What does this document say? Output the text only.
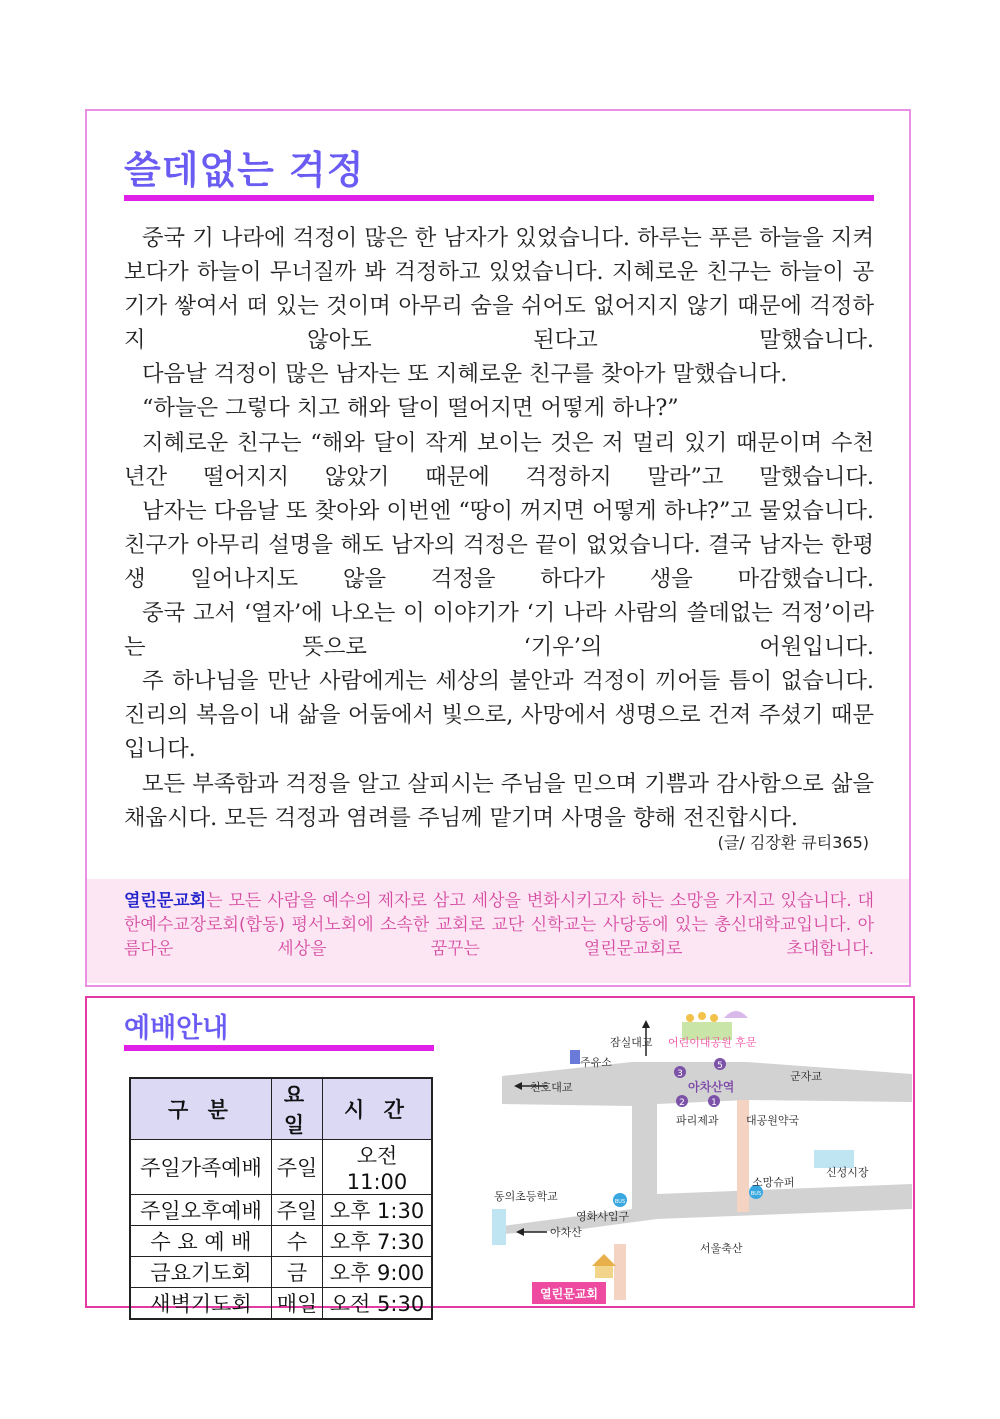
쓸데없는 걱정

중국 기 나라에 걱정이 많은 한 남자가 있었습니다. 하루는 푸른 하늘을 지켜보다가 하늘이 무너질까 봐 걱정하고 있었습니다. 지혜로운 친구는 하늘이 공기가 쌓여서 떠 있는 것이며 아무리 숨을 쉬어도 없어지지 않기 때문에 걱정하지 않아도 된다고 말했습니다.

다음날 걱정이 많은 남자는 또 지혜로운 친구를 찾아가 말했습니다.

“하늘은 그렇다 치고 해와 달이 떨어지면 어떻게 하나?”

지혜로운 친구는 “해와 달이 작게 보이는 것은 저 멀리 있기 때문이며 수천 년간 떨어지지 않았기 때문에 걱정하지 말라”고 말했습니다.

남자는 다음날 또 찾아와 이번엔 “땅이 꺼지면 어떻게 하냐?”고 물었습니다. 친구가 아무리 설명을 해도 남자의 걱정은 끝이 없었습니다. 결국 남자는 한평생 일어나지도 않을 걱정을 하다가 생을 마감했습니다.

중국 고서 ‘열자’에 나오는 이 이야기가 ‘기 나라 사람의 쓸데없는 걱정’이라는 뜻으로 ‘기우’의 어원입니다.

주 하나님을 만난 사람에게는 세상의 불안과 걱정이 끼어들 틈이 없습니다. 진리의 복음이 내 삶을 어둠에서 빛으로, 사망에서 생명으로 건져 주셨기 때문입니다.

모든 부족함과 걱정을 알고 살피시는 주님을 믿으며 기쁨과 감사함으로 삶을 채웁시다. 모든 걱정과 염려를 주님께 맡기며 사명을 향해 전진합시다.

(글/ 김장환 큐티365)
열린문교회는 모든 사람을 예수의 제자로 삼고 세상을 변화시키고자 하는 소망을 가지고 있습니다. 대한예수교장로회(합동) 평서노회에 소속한 교회로 교단 신학교는 사당동에 있는 총신대학교입니다. 아름다운 세상을 꿈꾸는 열린문교회로 초대합니다.
예배안내
구 분	요일	시 간
주일가족예배	주일	오전11:00
주일오후예배	주일	오후 1:30
수 요 예 배	수	오후 7:30
금요기도회	금	오후 9:00
새벽기도회	매일	오전 5:30
3
5
2	1
BUS
BUS
잠실대교 어린이대공원 후문
주유소
천호대교	아차산역
군자교
파리제과 대공원약국
소망슈퍼
신성시장
동의초등학교
영화사입구
아차산
서울축산
열린문교회
